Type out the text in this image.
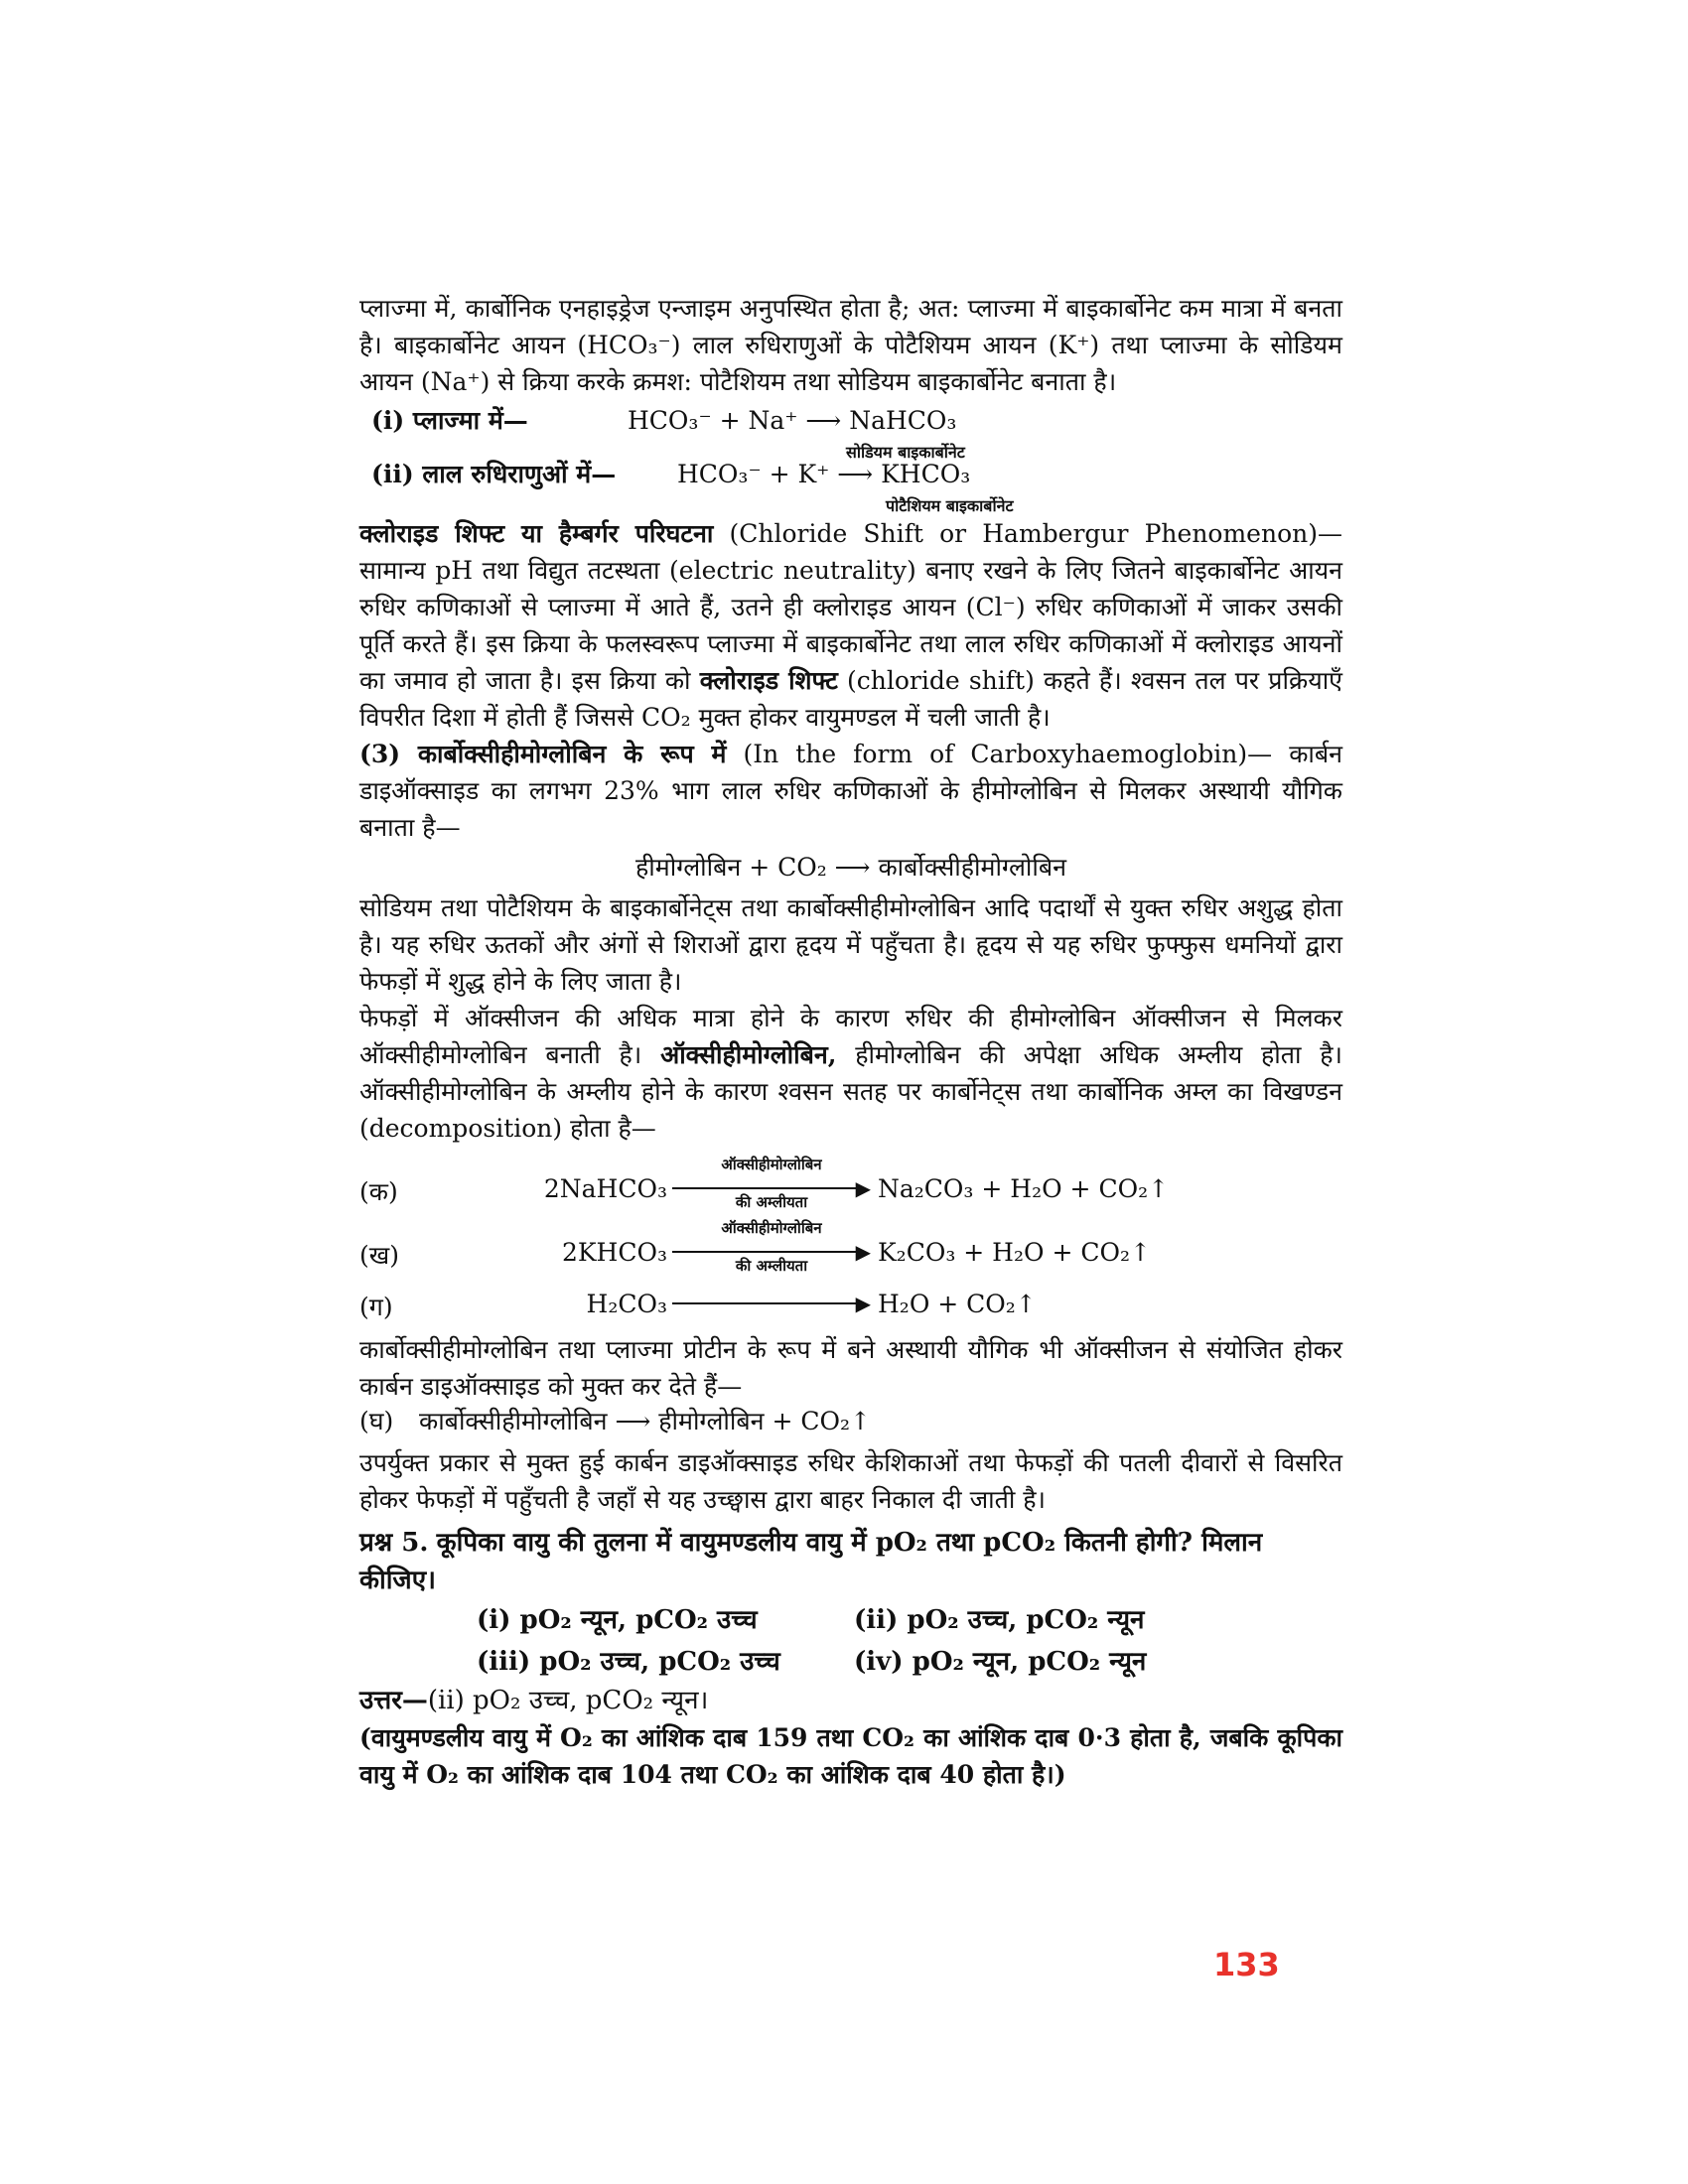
प्लाज्मा में, कार्बोनिक एनहाइड्रेज एन्जाइम अनुपस्थित होता है; अत: प्लाज्मा में बाइकार्बोनेट कम मात्रा में बनता है। बाइकार्बोनेट आयन (HCO₃⁻) लाल रुधिराणुओं के पोटैशियम आयन (K⁺) तथा प्लाज्मा के सोडियम आयन (Na⁺) से क्रिया करके क्रमश: पोटैशियम तथा सोडियम बाइकार्बोनेट बनाता है।

(i) प्लाज्मा में—	HCO₃⁻ + Na⁺ ⟶ NaHCO₃
सोडियम बाइकार्बोनेट
(ii) लाल रुधिराणुओं में— HCO₃⁻ + K⁺ ⟶ KHCO₃
पोटैशियम बाइकार्बोनेट

क्लोराइड शिफ्ट या हैम्बर्गर परिघटना (Chloride Shift or Hambergur Phenomenon)— सामान्य pH तथा विद्युत तटस्थता (electric neutrality) बनाए रखने के लिए जितने बाइकार्बोनेट आयन रुधिर कणिकाओं से प्लाज्मा में आते हैं, उतने ही क्लोराइड आयन (Cl⁻) रुधिर कणिकाओं में जाकर उसकी पूर्ति करते हैं। इस क्रिया के फलस्वरूप प्लाज्मा में बाइकार्बोनेट तथा लाल रुधिर कणिकाओं में क्लोराइड आयनों का जमाव हो जाता है। इस क्रिया को क्लोराइड शिफ्ट (chloride shift) कहते हैं। श्वसन तल पर प्रक्रियाएँ विपरीत दिशा में होती हैं जिससे CO₂ मुक्त होकर वायुमण्डल में चली जाती है।

(3) कार्बोक्सीहीमोग्लोबिन के रूप में (In the form of Carboxyhaemoglobin)— कार्बन डाइऑक्साइड का लगभग 23% भाग लाल रुधिर कणिकाओं के हीमोग्लोबिन से मिलकर अस्थायी यौगिक बनाता है—

हीमोग्लोबिन + CO₂ ⟶ कार्बोक्सीहीमोग्लोबिन

सोडियम तथा पोटैशियम के बाइकार्बोनेट्स तथा कार्बोक्सीहीमोग्लोबिन आदि पदार्थों से युक्त रुधिर अशुद्ध होता है। यह रुधिर ऊतकों और अंगों से शिराओं द्वारा हृदय में पहुँचता है। हृदय से यह रुधिर फुफ्फुस धमनियों द्वारा फेफड़ों में शुद्ध होने के लिए जाता है।

फेफड़ों में ऑक्सीजन की अधिक मात्रा होने के कारण रुधिर की हीमोग्लोबिन ऑक्सीजन से मिलकर ऑक्सीहीमोग्लोबिन बनाती है। ऑक्सीहीमोग्लोबिन, हीमोग्लोबिन की अपेक्षा अधिक अम्लीय होता है। ऑक्सीहीमोग्लोबिन के अम्लीय होने के कारण श्वसन सतह पर कार्बोनेट्स तथा कार्बोनिक अम्ल का विखण्डन (decomposition) होता है—

(क)	2NaHCO₃
ऑक्सीहीमोग्लोबिन
▶
की अम्लीयता	Na₂CO₃ + H₂O + CO₂↑
(ख)	2KHCO₃
ऑक्सीहीमोग्लोबिन
▶
की अम्लीयता	K₂CO₃ + H₂O + CO₂↑
(ग)	H₂CO₃	▶ H₂O + CO₂↑

कार्बोक्सीहीमोग्लोबिन तथा प्लाज्मा प्रोटीन के रूप में बने अस्थायी यौगिक भी ऑक्सीजन से संयोजित होकर कार्बन डाइऑक्साइड को मुक्त कर देते हैं—

(घ) कार्बोक्सीहीमोग्लोबिन ⟶ हीमोग्लोबिन + CO₂↑

उपर्युक्त प्रकार से मुक्त हुई कार्बन डाइऑक्साइड रुधिर केशिकाओं तथा फेफड़ों की पतली दीवारों से विसरित होकर फेफड़ों में पहुँचती है जहाँ से यह उच्छ्वास द्वारा बाहर निकाल दी जाती है।

प्रश्न 5. कूपिका वायु की तुलना में वायुमण्डलीय वायु में pO₂ तथा pCO₂ कितनी होगी? मिलान कीजिए।

(i) pO₂ न्यून, pCO₂ उच्च	(ii) pO₂ उच्च, pCO₂ न्यून
(iii) pO₂ उच्च, pCO₂ उच्च	(iv) pO₂ न्यून, pCO₂ न्यून

उत्तर—(ii) pO₂ उच्च, pCO₂ न्यून।

(वायुमण्डलीय वायु में O₂ का आंशिक दाब 159 तथा CO₂ का आंशिक दाब 0·3 होता है, जबकि कूपिका वायु में O₂ का आंशिक दाब 104 तथा CO₂ का आंशिक दाब 40 होता है।)

133
